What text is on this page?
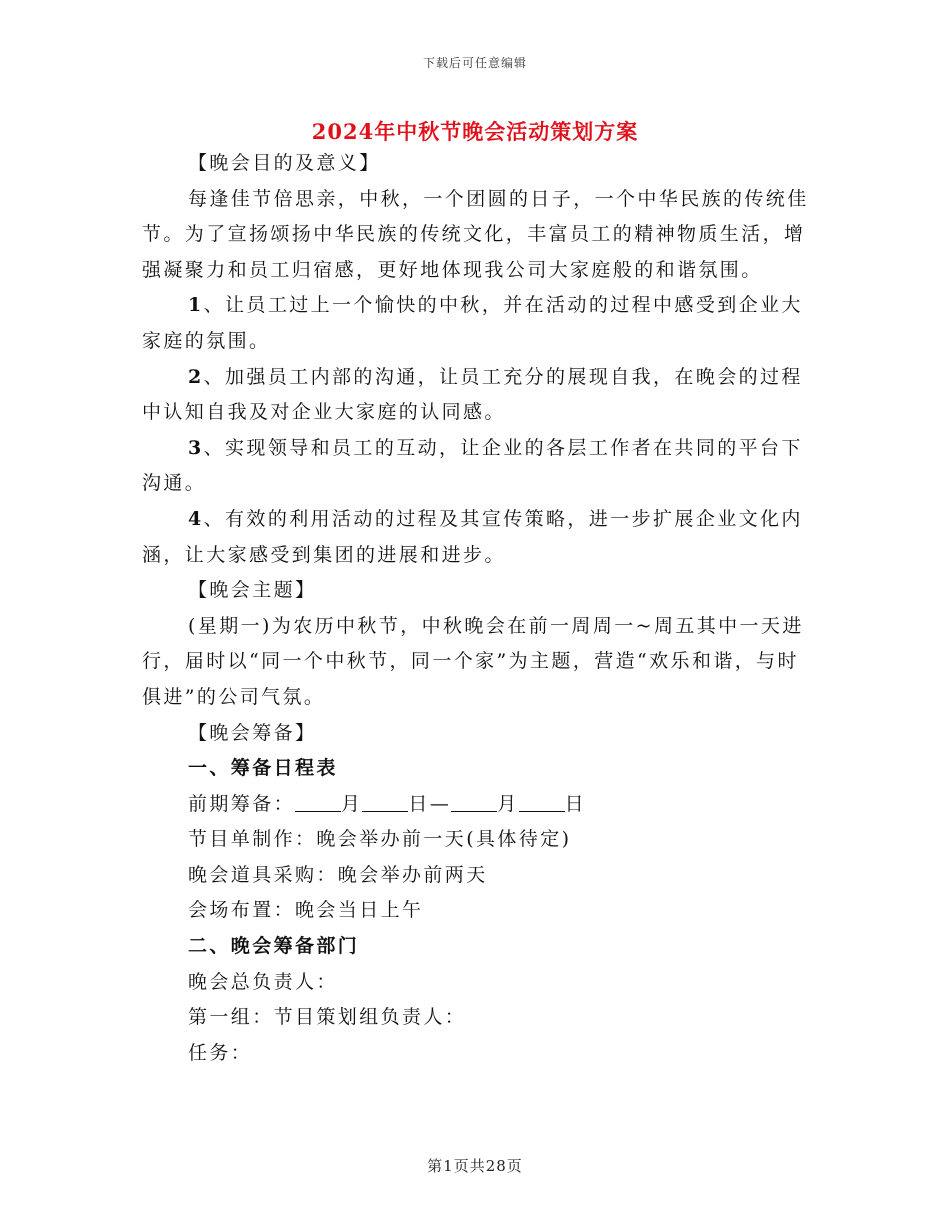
下载后可任意编辑
2024年中秋节晚会活动策划方案

【晚会目的及意义】

每逢佳节倍思亲，中秋，一个团圆的日子，一个中华民族的传统佳节。为了宣扬颂扬中华民族的传统文化，丰富员工的精神物质生活，增强凝聚力和员工归宿感，更好地体现我公司大家庭般的和谐氛围。

1、让员工过上一个愉快的中秋，并在活动的过程中感受到企业大家庭的氛围。

2、加强员工内部的沟通，让员工充分的展现自我，在晚会的过程中认知自我及对企业大家庭的认同感。

3、实现领导和员工的互动，让企业的各层工作者在共同的平台下沟通。

4、有效的利用活动的过程及其宣传策略，进一步扩展企业文化内涵，让大家感受到集团的进展和进步。

【晚会主题】

(星期一)为农历中秋节，中秋晚会在前一周周一~周五其中一天进行，届时以“同一个中秋节，同一个家”为主题，营造“欢乐和谐，与时俱进”的公司气氛。

【晚会筹备】

一、筹备日程表

前期筹备： 月 日— 月 日

节目单制作：晚会举办前一天(具体待定)

晚会道具采购：晚会举办前两天

会场布置：晚会当日上午

二、晚会筹备部门

晚会总负责人：

第一组：节目策划组负责人：

任务：

第1页共28页
